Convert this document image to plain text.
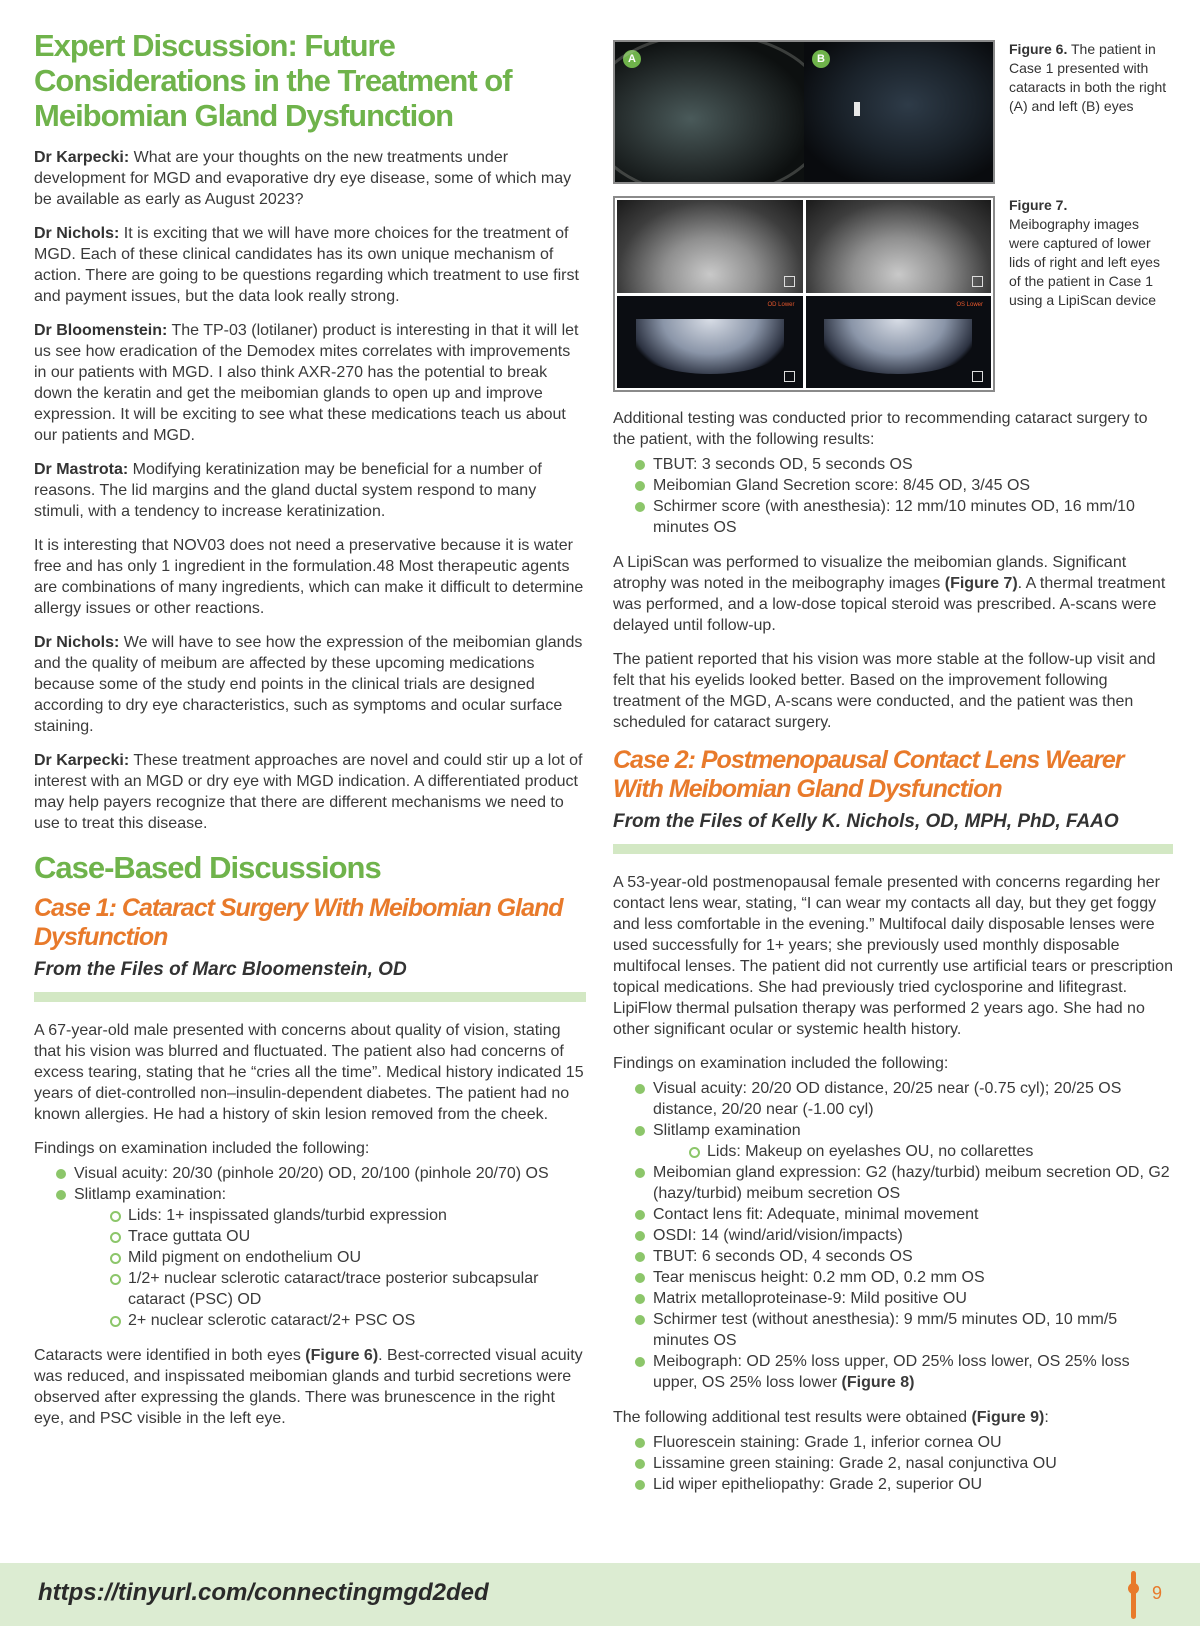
Expert Discussion: Future Considerations in the Treatment of Meibomian Gland Dysfunction

Dr Karpecki: What are your thoughts on the new treatments under development for MGD and evaporative dry eye disease, some of which may be available as early as August 2023?

Dr Nichols: It is exciting that we will have more choices for the treatment of MGD. Each of these clinical candidates has its own unique mechanism of action. There are going to be questions regarding which treatment to use first and payment issues, but the data look really strong.

Dr Bloomenstein: The TP-03 (lotilaner) product is interesting in that it will let us see how eradication of the Demodex mites correlates with improvements in our patients with MGD. I also think AXR-270 has the potential to break down the keratin and get the meibomian glands to open up and improve expression. It will be exciting to see what these medications teach us about our patients and MGD.

Dr Mastrota: Modifying keratinization may be beneficial for a number of reasons. The lid margins and the gland ductal system respond to many stimuli, with a tendency to increase keratinization.

It is interesting that NOV03 does not need a preservative because it is water free and has only 1 ingredient in the formulation.48 Most therapeutic agents are combinations of many ingredients, which can make it difficult to determine allergy issues or other reactions.

Dr Nichols: We will have to see how the expression of the meibomian glands and the quality of meibum are affected by these upcoming medications because some of the study end points in the clinical trials are designed according to dry eye characteristics, such as symptoms and ocular surface staining.

Dr Karpecki: These treatment approaches are novel and could stir up a lot of interest with an MGD or dry eye with MGD indication. A differentiated product may help payers recognize that there are different mechanisms we need to use to treat this disease.

Case-Based Discussions
Case 1: Cataract Surgery With Meibomian Gland Dysfunction
From the Files of Marc Bloomenstein, OD

A 67-year-old male presented with concerns about quality of vision, stating that his vision was blurred and fluctuated. The patient also had concerns of excess tearing, stating that he “cries all the time”. Medical history indicated 15 years of diet-controlled non–insulin-dependent diabetes. The patient had no known allergies. He had a history of skin lesion removed from the cheek.

Findings on examination included the following:

Visual acuity: 20/30 (pinhole 20/20) OD, 20/100 (pinhole 20/70) OS
Slitlamp examination:
Lids: 1+ inspissated glands/turbid expression
Trace guttata OU
Mild pigment on endothelium OU
1/2+ nuclear sclerotic cataract/trace posterior subcapsular cataract (PSC) OD
2+ nuclear sclerotic cataract/2+ PSC OS

Cataracts were identified in both eyes (Figure 6). Best-corrected visual acuity was reduced, and inspissated meibomian glands and turbid secretions were observed after expressing the glands. There was brunescence in the right eye, and PSC visible in the left eye.

A	B
Figure 6. The patient in Case 1 presented with cataracts in both the right (A) and left (B) eyes
OD Lower	OS Lower
Figure 7.
Meibography images were captured of lower lids of right and left eyes of the patient in Case 1 using a LipiScan device

Additional testing was conducted prior to recommending cataract surgery to the patient, with the following results:

TBUT: 3 seconds OD, 5 seconds OS
Meibomian Gland Secretion score: 8/45 OD, 3/45 OS
Schirmer score (with anesthesia): 12 mm/10 minutes OD, 16 mm/10 minutes OS

A LipiScan was performed to visualize the meibomian glands. Significant atrophy was noted in the meibography images (Figure 7). A thermal treatment was performed, and a low-dose topical steroid was prescribed. A-scans were delayed until follow-up.

The patient reported that his vision was more stable at the follow-up visit and felt that his eyelids looked better. Based on the improvement following treatment of the MGD, A-scans were conducted, and the patient was then scheduled for cataract surgery.

Case 2: Postmenopausal Contact Lens Wearer With Meibomian Gland Dysfunction
From the Files of Kelly K. Nichols, OD, MPH, PhD, FAAO

A 53-year-old postmenopausal female presented with concerns regarding her contact lens wear, stating, “I can wear my contacts all day, but they get foggy and less comfortable in the evening.” Multifocal daily disposable lenses were used successfully for 1+ years; she previously used monthly disposable multifocal lenses. The patient did not currently use artificial tears or prescription topical medications. She had previously tried cyclosporine and lifitegrast. LipiFlow thermal pulsation therapy was performed 2 years ago. She had no other significant ocular or systemic health history.

Findings on examination included the following:

Visual acuity: 20/20 OD distance, 20/25 near (-0.75 cyl); 20/25 OS distance, 20/20 near (-1.00 cyl)
Slitlamp examination
Lids: Makeup on eyelashes OU, no collarettes
Meibomian gland expression: G2 (hazy/turbid) meibum secretion OD, G2 (hazy/turbid) meibum secretion OS
Contact lens fit: Adequate, minimal movement
OSDI: 14 (wind/arid/vision/impacts)
TBUT: 6 seconds OD, 4 seconds OS
Tear meniscus height: 0.2 mm OD, 0.2 mm OS
Matrix metalloproteinase-9: Mild positive OU
Schirmer test (without anesthesia): 9 mm/5 minutes OD, 10 mm/5 minutes OS
Meibograph: OD 25% loss upper, OD 25% loss lower, OS 25% loss upper, OS 25% loss lower (Figure 8)

The following additional test results were obtained (Figure 9):

Fluorescein staining: Grade 1, inferior cornea OU
Lissamine green staining: Grade 2, nasal conjunctiva OU
Lid wiper epitheliopathy: Grade 2, superior OU
https://tinyurl.com/connectingmgd2ded	9
